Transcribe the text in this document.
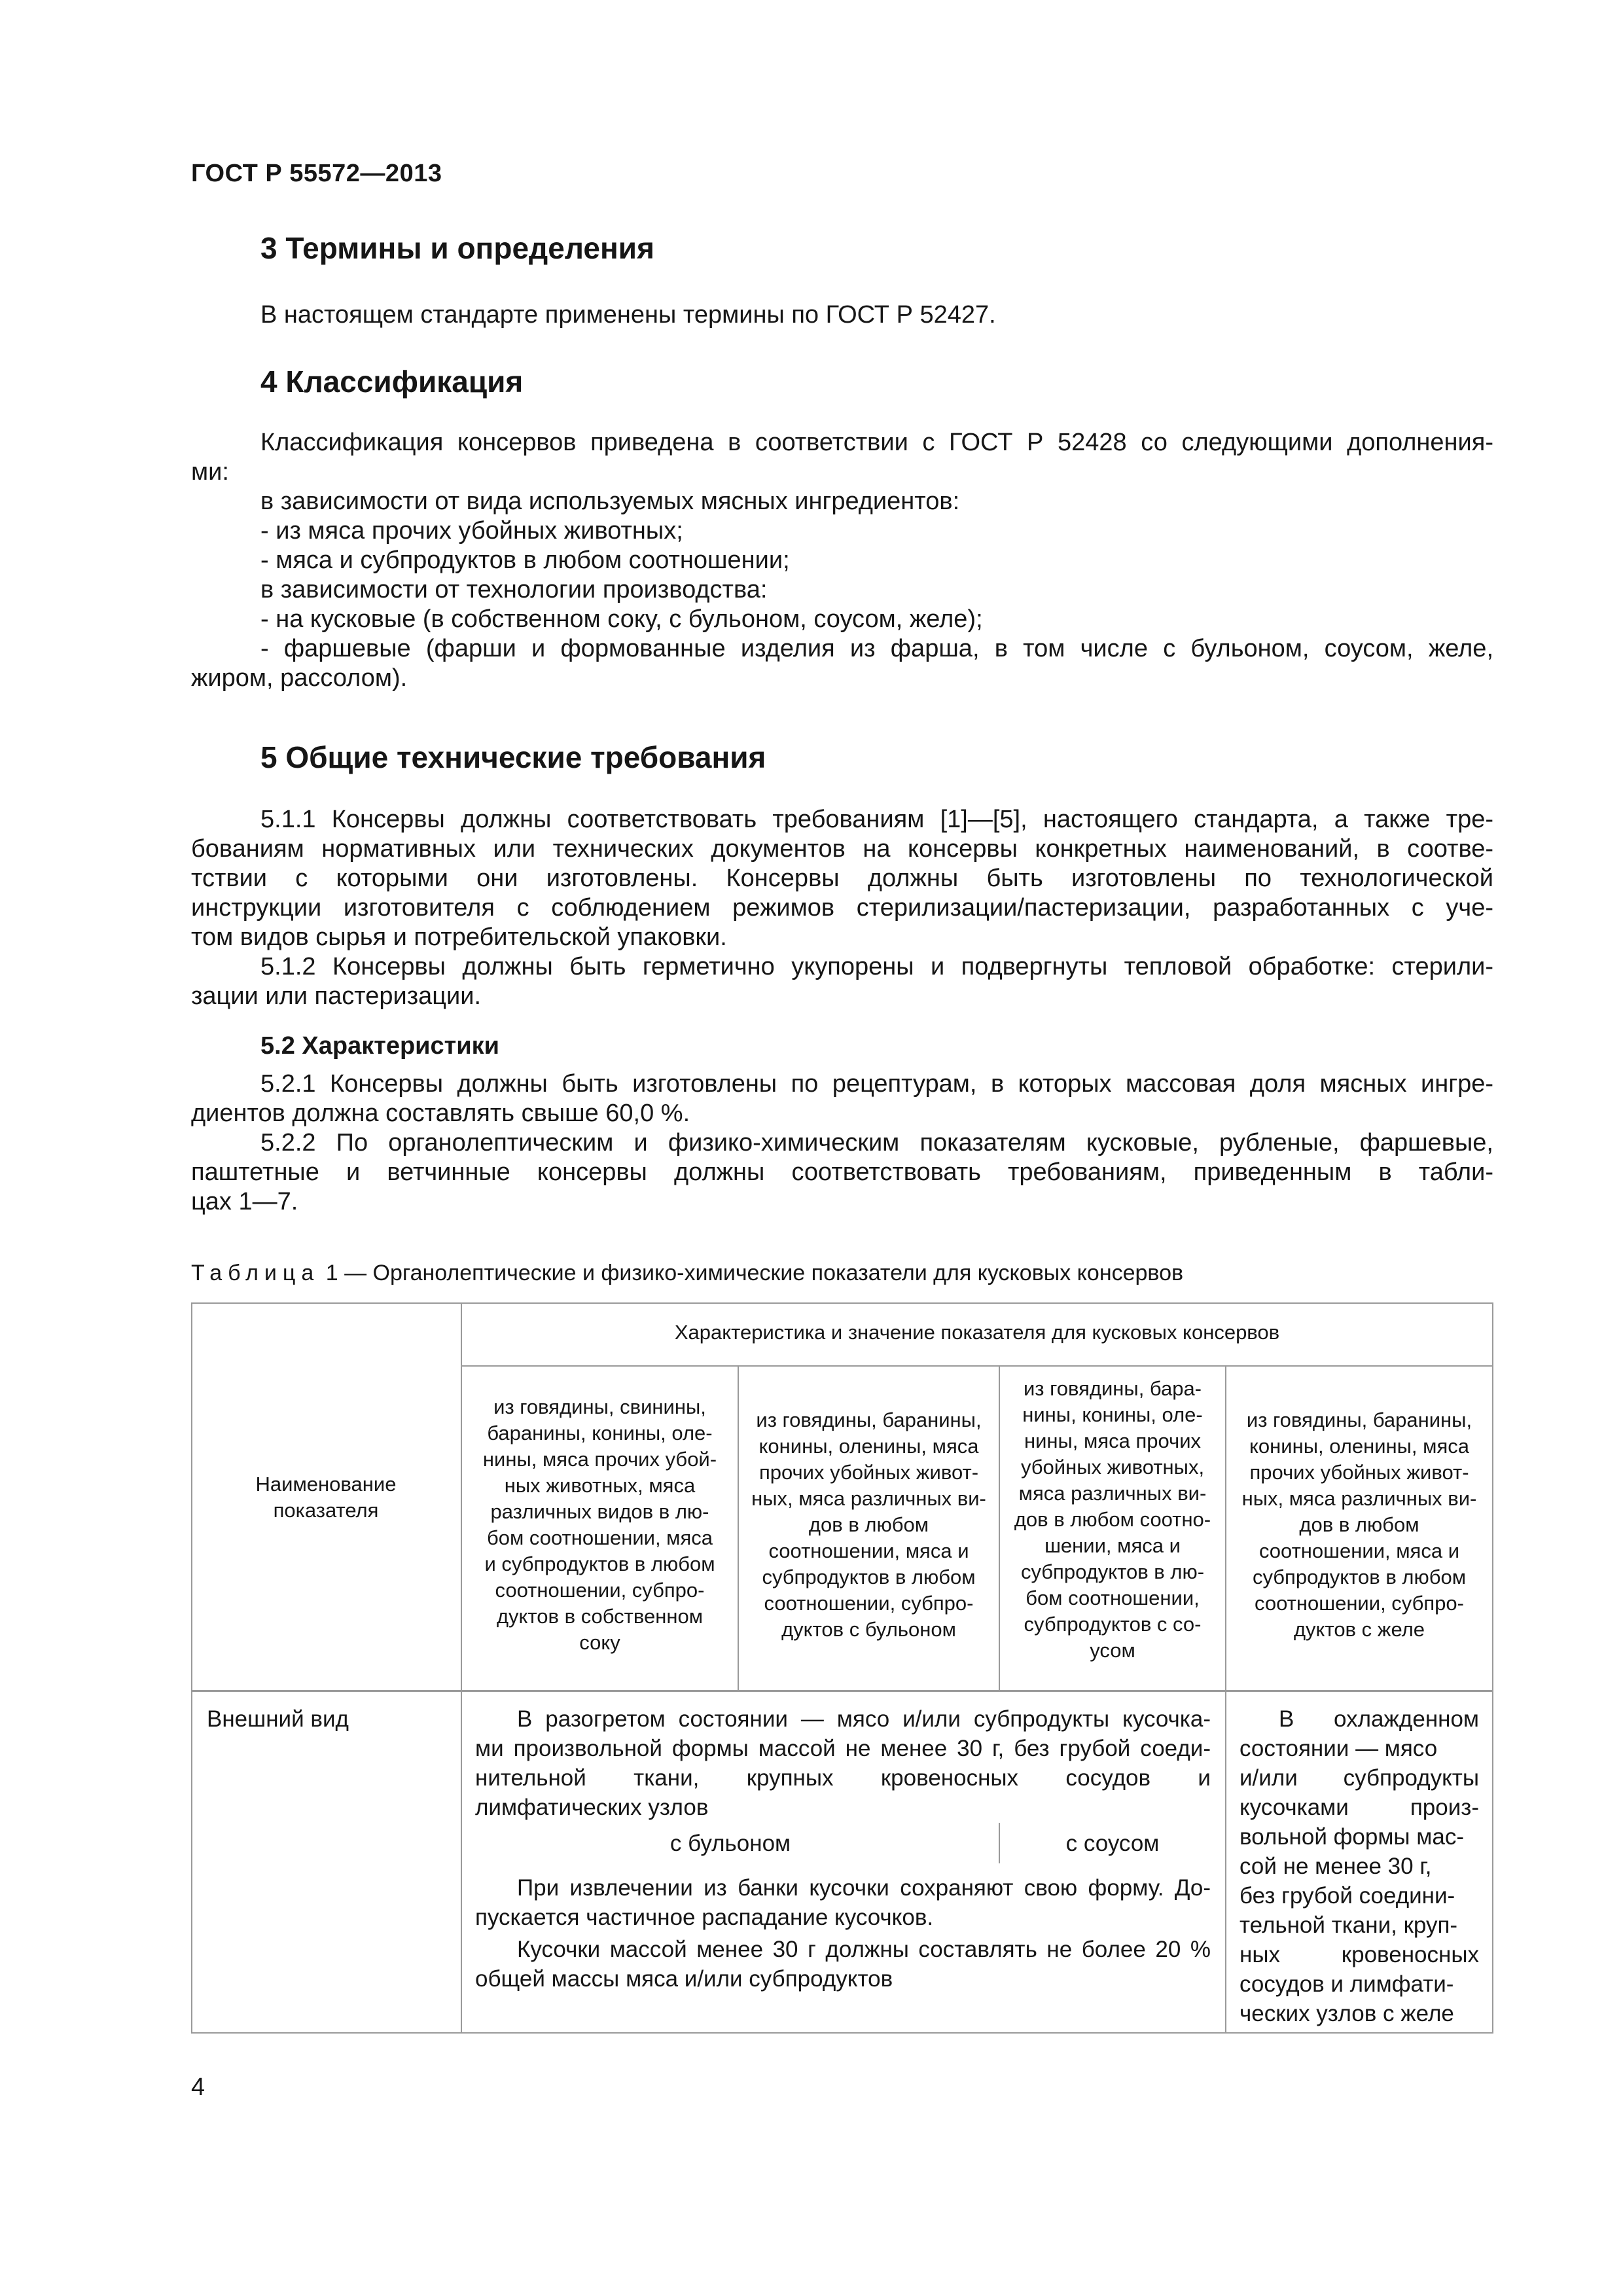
ГОСТ Р 55572—2013
3 Термины и определения
В настоящем стандарте применены термины по ГОСТ Р 52427.
4 Классификация
Классификация консервов приведена в соответствии с ГОСТ Р 52428 со следующими дополнения-
ми:
в зависимости от вида используемых мясных ингредиентов:
- из мяса прочих убойных животных;
- мяса и субпродуктов в любом соотношении;
в зависимости от технологии производства:
- на кусковые (в собственном соку, с бульоном, соусом, желе);
- фаршевые (фарши и формованные изделия из фарша, в том числе с бульоном, соусом, желе,
жиром, рассолом).
5 Общие технические требования
5.1.1 Консервы должны соответствовать требованиям [1]—[5], настоящего стандарта, а также тре-
бованиям нормативных или технических документов на консервы конкретных наименований, в соотве-
тствии с которыми они изготовлены. Консервы должны быть изготовлены по технологической
инструкции изготовителя с соблюдением режимов стерилизации/пастеризации, разработанных с уче-
том видов сырья и потребительской упаковки.
5.1.2 Консервы должны быть герметично укупорены и подвергнуты тепловой обработке: стерили-
зации или пастеризации.
5.2 Характеристики
5.2.1 Консервы должны быть изготовлены по рецептурам, в которых массовая доля мясных ингре-
диентов должна составлять свыше 60,0 %.
5.2.2 По органолептическим и физико-химическим показателям кусковые, рубленые, фаршевые,
паштетные и ветчинные консервы должны соответствовать требованиям, приведенным в табли-
цах 1—7.
Таблица 1 — Органолептические и физико-химические показатели для кусковых консервов
Наименование
показателя
Характеристика и значение показателя для кусковых консервов
из говядины, свинины,
баранины, конины, оле-
нины, мяса прочих убой-
ных животных, мяса
различных видов в лю-
бом соотношении, мяса
и субпродуктов в любом
соотношении, субпро-
дуктов в собственном
соку
из говядины, баранины,
конины, оленины, мяса
прочих убойных живот-
ных, мяса различных ви-
дов в любом
соотношении, мяса и
субпродуктов в любом
соотношении, субпро-
дуктов с бульоном
из говядины, бара-
нины, конины, оле-
нины, мяса прочих
убойных животных,
мяса различных ви-
дов в любом соотно-
шении, мяса и
субпродуктов в лю-
бом соотношении,
субпродуктов с со-
усом
из говядины, баранины,
конины, оленины, мяса
прочих убойных живот-
ных, мяса различных ви-
дов в любом
соотношении, мяса и
субпродуктов в любом
соотношении, субпро-
дуктов с желе
Внешний вид	В разогретом состоянии — мясо и/или субпродукты кусочка-
ми произвольной формы массой не менее 30 г, без грубой соеди-
нительной ткани, крупных кровеносных сосудов и
лимфатических узлов
с бульоном	с соусом
При извлечении из банки кусочки сохраняют свою форму. До-
пускается частичное распадание кусочков.
Кусочки массой менее 30 г должны составлять не более 20 %
общей массы мяса и/или субпродуктов
В охлажденном
состоянии — мясо
и/или субпродукты
кусочками произ-
вольной формы мас-
сой не менее 30 г,
без грубой соедини-
тельной ткани, круп-
ных кровеносных
сосудов и лимфати-
ческих узлов с желе
4
